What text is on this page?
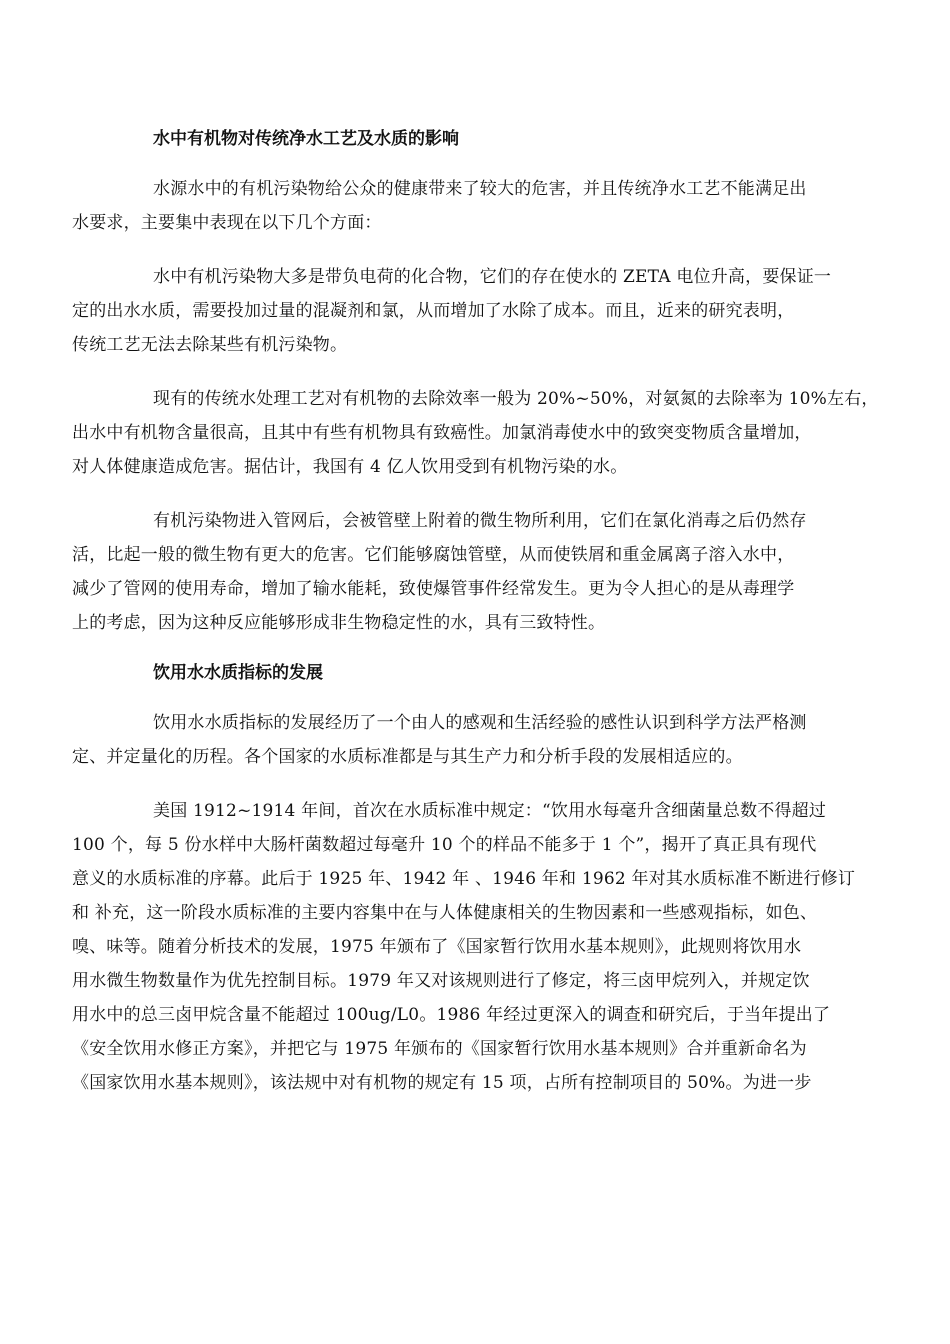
水中有机物对传统净水工艺及水质的影响

水源水中的有机污染物给公众的健康带来了较大的危害，并且传统净水工艺不能满足出
水要求，主要集中表现在以下几个方面：

水中有机污染物大多是带负电荷的化合物，它们的存在使水的 ZETA 电位升高，要保证一
定的出水水质，需要投加过量的混凝剂和氯，从而增加了水除了成本。而且，近来的研究表明，
传统工艺无法去除某些有机污染物。

现有的传统水处理工艺对有机物的去除效率一般为 20%~50%，对氨氮的去除率为 10%左右，
出水中有机物含量很高，且其中有些有机物具有致癌性。加氯消毒使水中的致突变物质含量增加，
对人体健康造成危害。据估计，我国有 4 亿人饮用受到有机物污染的水。

有机污染物进入管网后，会被管壁上附着的微生物所利用，它们在氯化消毒之后仍然存
活，比起一般的微生物有更大的危害。它们能够腐蚀管壁，从而使铁屑和重金属离子溶入水中，
减少了管网的使用寿命，增加了输水能耗，致使爆管事件经常发生。更为令人担心的是从毒理学
上的考虑，因为这种反应能够形成非生物稳定性的水，具有三致特性。

饮用水水质指标的发展

饮用水水质指标的发展经历了一个由人的感观和生活经验的感性认识到科学方法严格测
定、并定量化的历程。各个国家的水质标准都是与其生产力和分析手段的发展相适应的。

美国 1912~1914 年间，首次在水质标准中规定：“饮用水每毫升含细菌量总数不得超过
100 个，每 5 份水样中大肠杆菌数超过每毫升 10 个的样品不能多于 1 个”，揭开了真正具有现代
意义的水质标准的序幕。此后于 1925 年、1942 年 、1946 年和 1962 年对其水质标准不断进行修订
和 补充，这一阶段水质标准的主要内容集中在与人体健康相关的生物因素和一些感观指标，如色、
嗅、味等。随着分析技术的发展，1975 年颁布了《国家暂行饮用水基本规则》，此规则将饮用水
用水微生物数量作为优先控制目标。1979 年又对该规则进行了修定，将三卤甲烷列入，并规定饮
用水中的总三卤甲烷含量不能超过 100ug/L0。1986 年经过更深入的调查和研究后，于当年提出了
《安全饮用水修正方案》，并把它与 1975 年颁布的《国家暂行饮用水基本规则》合并重新命名为
《国家饮用水基本规则》，该法规中对有机物的规定有 15 项，占所有控制项目的 50%。为进一步
